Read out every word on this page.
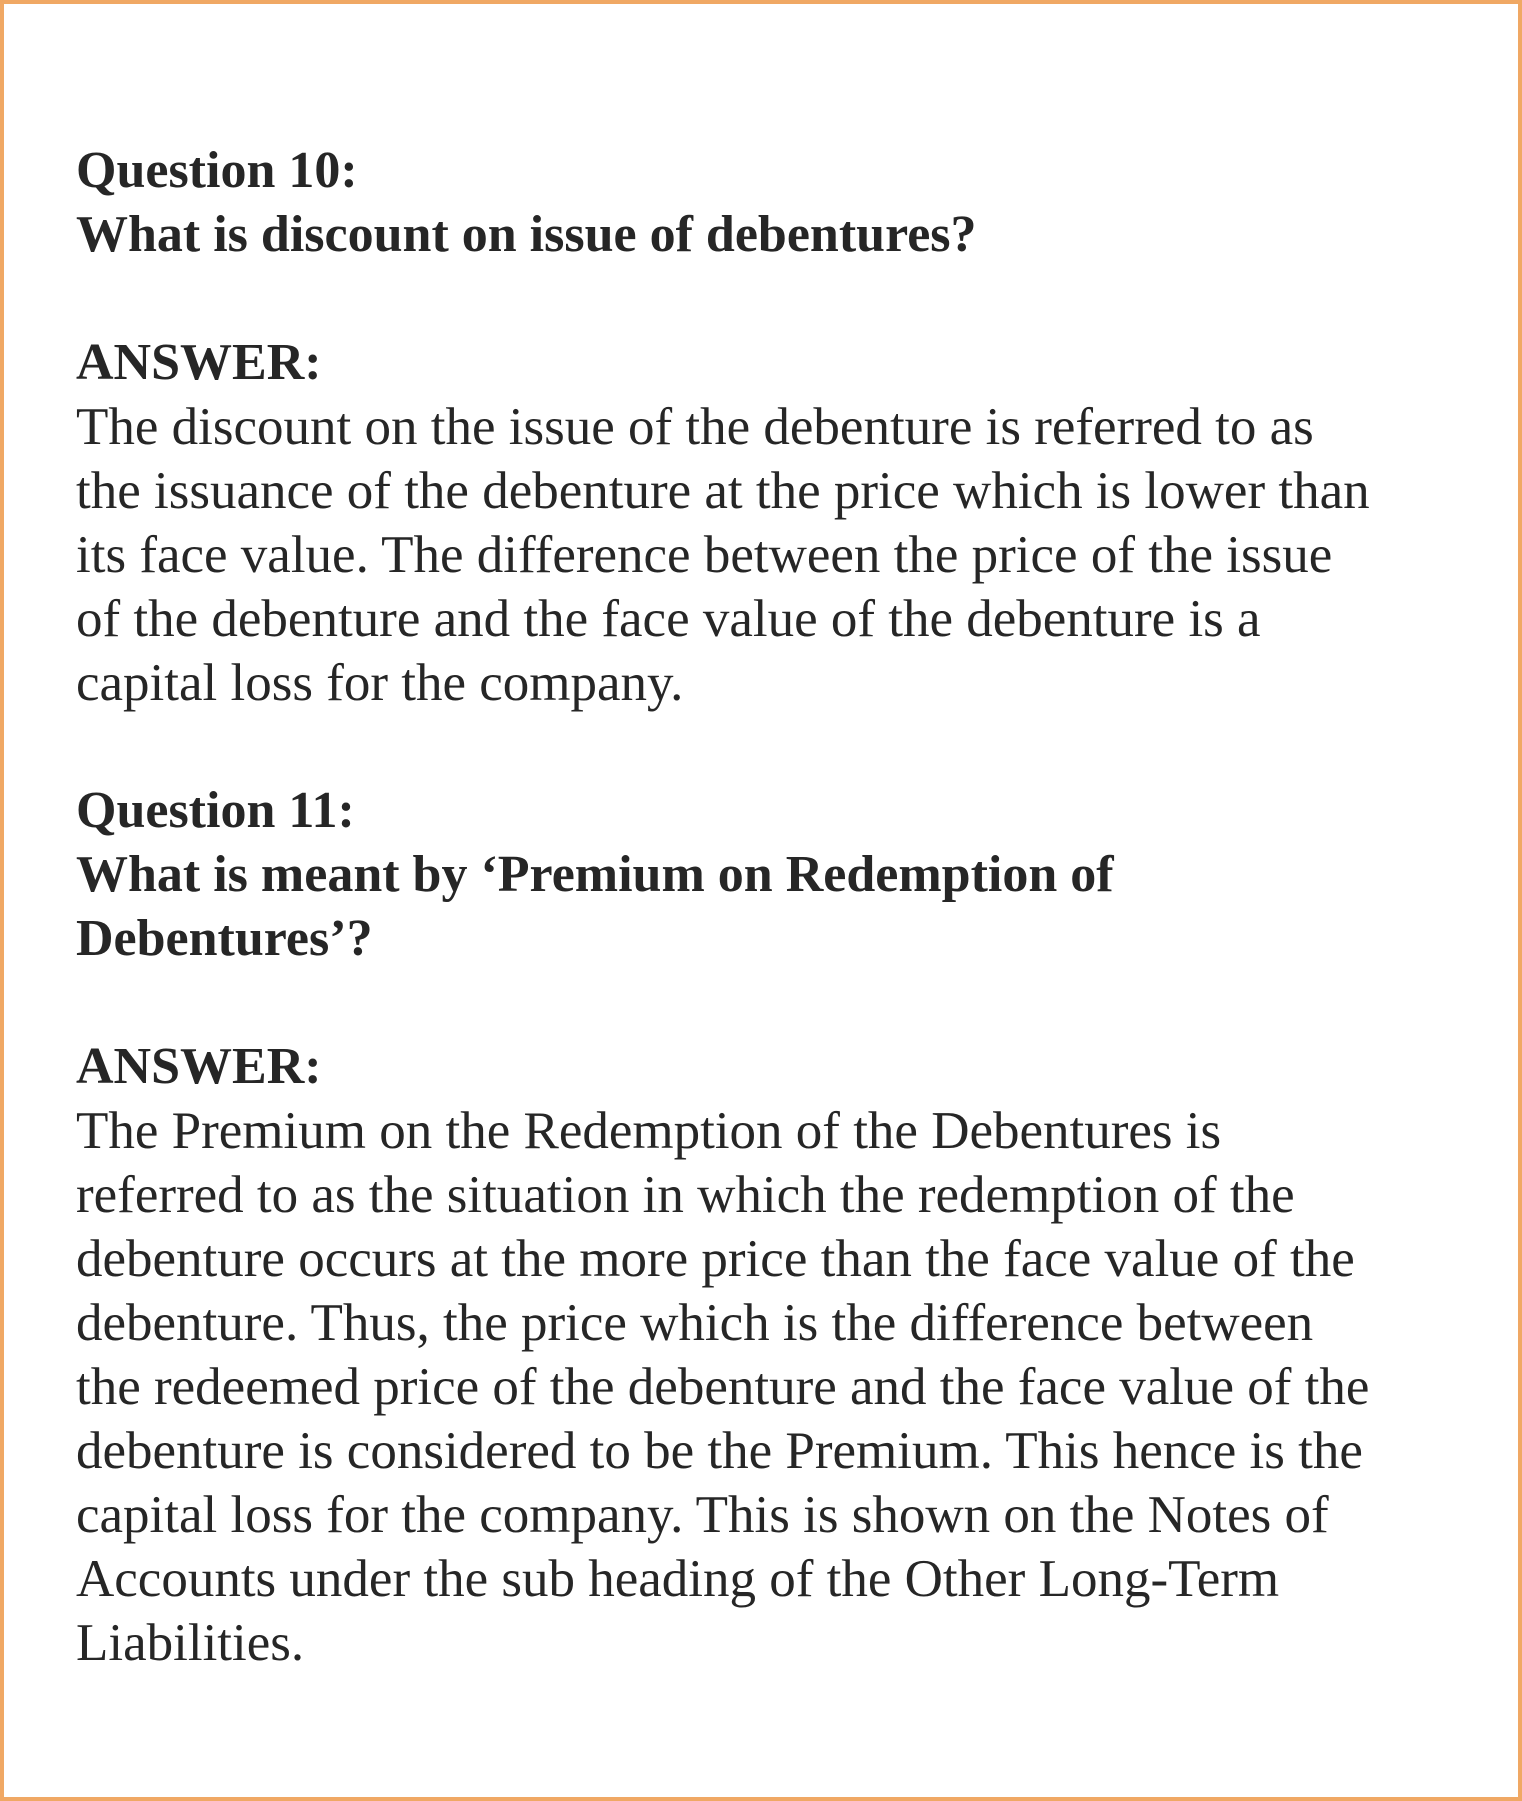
Question 10:

What is discount on issue of debentures?

ANSWER:

The discount on the issue of the debenture is referred to as

the issuance of the debenture at the price which is lower than

its face value. The difference between the price of the issue

of the debenture and the face value of the debenture is a

capital loss for the company.

Question 11:

What is meant by ‘Premium on Redemption of

Debentures’?

ANSWER:

The Premium on the Redemption of the Debentures is

referred to as the situation in which the redemption of the

debenture occurs at the more price than the face value of the

debenture. Thus, the price which is the difference between

the redeemed price of the debenture and the face value of the

debenture is considered to be the Premium. This hence is the

capital loss for the company. This is shown on the Notes of

Accounts under the sub heading of the Other Long-Term

Liabilities.
